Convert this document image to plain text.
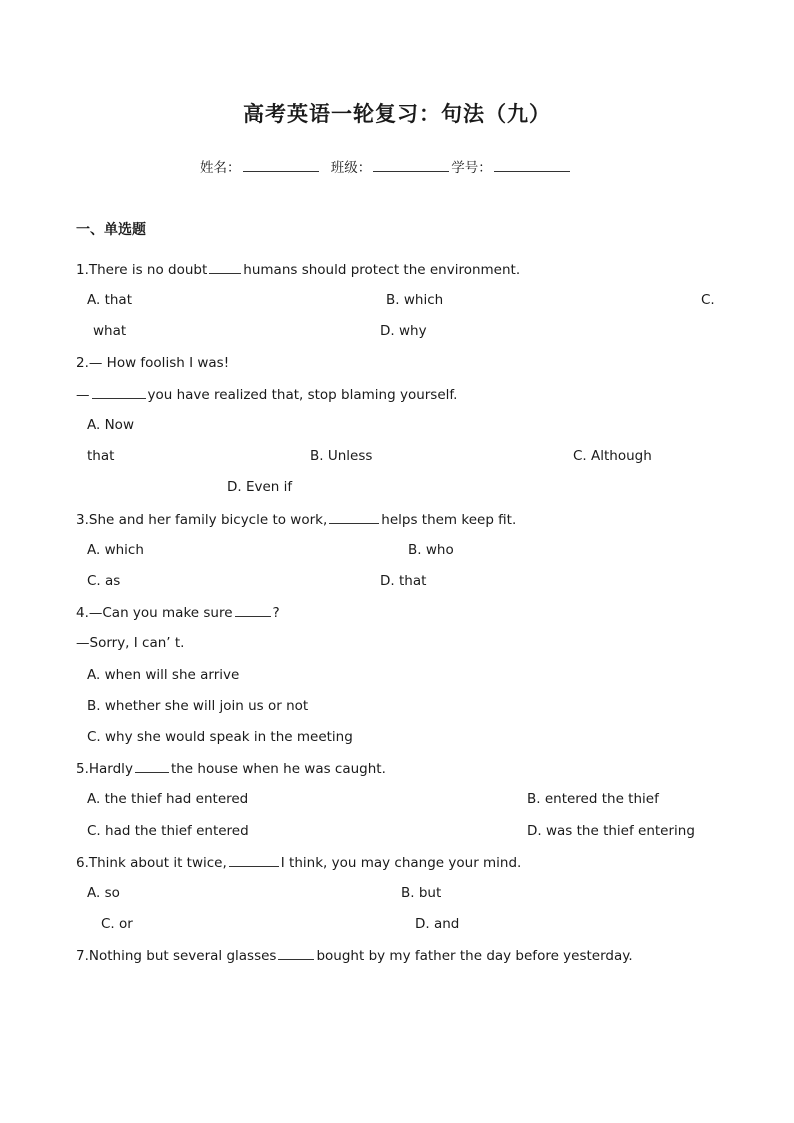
高考英语一轮复习：句法（九）
姓名：	班级：	学号：
一、单选题
1.There is no doubt	humans should protect the environment.
A. that	B. which	C.
what	D. why
2.— How foolish I was!
—	you have realized that, stop blaming yourself.
A. Now
that	B. Unless	C. Although
D. Even if
3.She and her family bicycle to work,	helps them keep fit.
A. which	B. who
C. as	D. that
4.—Can you make sure	?
—Sorry, I can’ t.
A. when will she arrive
B. whether she will join us or not
C. why she would speak in the meeting
5.Hardly	the house when he was caught.
A. the thief had entered	B. entered the thief
C. had the thief entered	D. was the thief entering
6.Think about it twice,	I think, you may change your mind.
A. so	B. but
C. or	D. and
7.Nothing but several glasses	bought by my father the day before yesterday.
